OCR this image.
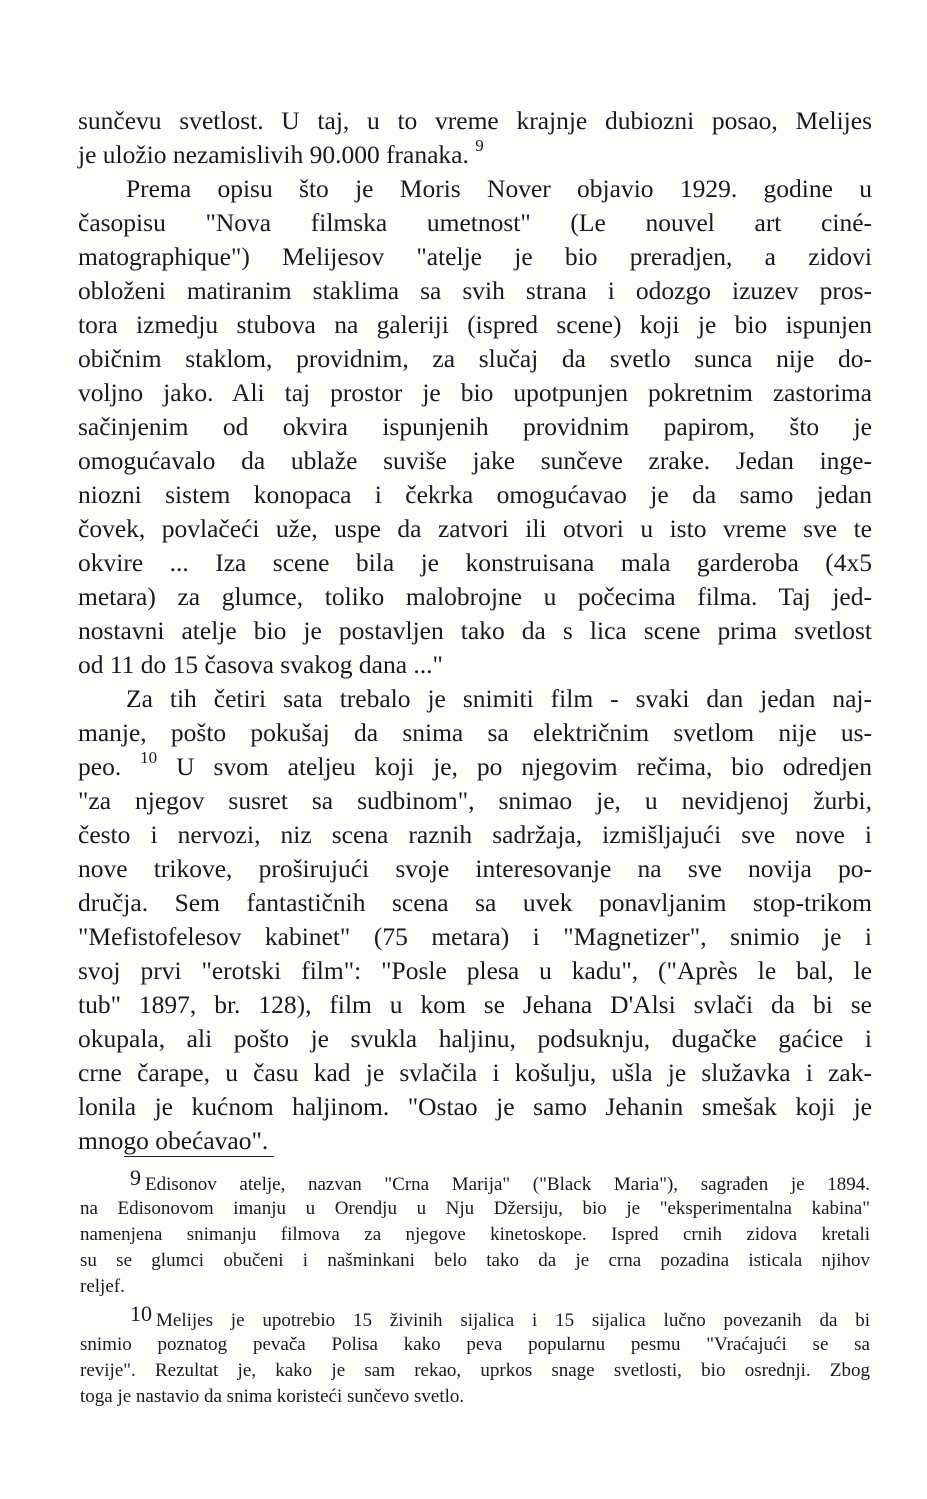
sunčevu svetlost. U taj, u to vreme krajnje dubiozni posao, Melijes
je uložio nezamislivih 90.000 franaka. $^9$
Prema opisu što je Moris Nover objavio 1929. godine u
časopisu "Nova filmska umetnost" (Le nouvel art ciné-
matographique") Melijesov "atelje je bio preradjen, a zidovi
obloženi matiranim staklima sa svih strana i odozgo izuzev pros-
tora izmedju stubova na galeriji (ispred scene) koji je bio ispunjen
običnim staklom, providnim, za slučaj da svetlo sunca nije do-
voljno jako. Ali taj prostor je bio upotpunjen pokretnim zastorima
sačinjenim od okvira ispunjenih providnim papirom, što je
omogućavalo da ublaže suviše jake sunčeve zrake. Jedan inge-
niozni sistem konopaca i čekrka omogućavao je da samo jedan
čovek, povlačeći uže, uspe da zatvori ili otvori u isto vreme sve te
okvire ... Iza scene bila je konstruisana mala garderoba (4x5
metara) za glumce, toliko malobrojne u počecima filma. Taj jed-
nostavni atelje bio je postavljen tako da s lica scene prima svetlost
od 11 do 15 časova svakog dana ..."
Za tih četiri sata trebalo je snimiti film - svaki dan jedan naj-
manje, pošto pokušaj da snima sa električnim svetlom nije us-
peo. $^{10}$ U svom ateljeu koji je, po njegovim rečima, bio odredjen
"za njegov susret sa sudbinom", snimao je, u nevidjenoj žurbi,
često i nervozi, niz scena raznih sadržaja, izmišljajući sve nove i
nove trikove, proširujući svoje interesovanje na sve novija po-
dručja. Sem fantastičnih scena sa uvek ponavljanim stop-trikom
"Mefistofelesov kabinet" (75 metara) i "Magnetizer", snimio je i
svoj prvi "erotski film": "Posle plesa u kadu", ("Après le bal, le
tub" 1897, br. 128), film u kom se Jehana D'Alsi svlači da bi se
okupala, ali pošto je svukla haljinu, podsuknju, dugačke gaćice i
crne čarape, u času kad je svlačila i košulju, ušla je služavka i zak-
lonila je kućnom haljinom. "Ostao je samo Jehanin smešak koji je
mnogo obećavao".
9 Edisonov atelje, nazvan "Crna Marija" ("Black Maria"), sagrađen je 1894.
na Edisonovom imanju u Orendju u Nju Džersiju, bio je "eksperimentalna kabina"
namenjena snimanju filmova za njegove kinetoskope. Ispred crnih zidova kretali
su se glumci obučeni i našminkani belo tako da je crna pozadina isticala njihov
reljef.
10 Melijes je upotrebio 15 živinih sijalica i 15 sijalica lučno povezanih da bi
snimio poznatog pevača Polisa kako peva popularnu pesmu "Vraćajući se sa
revije". Rezultat je, kako je sam rekao, uprkos snage svetlosti, bio osrednji. Zbog
toga je nastavio da snima koristeći sunčevo svetlo.
